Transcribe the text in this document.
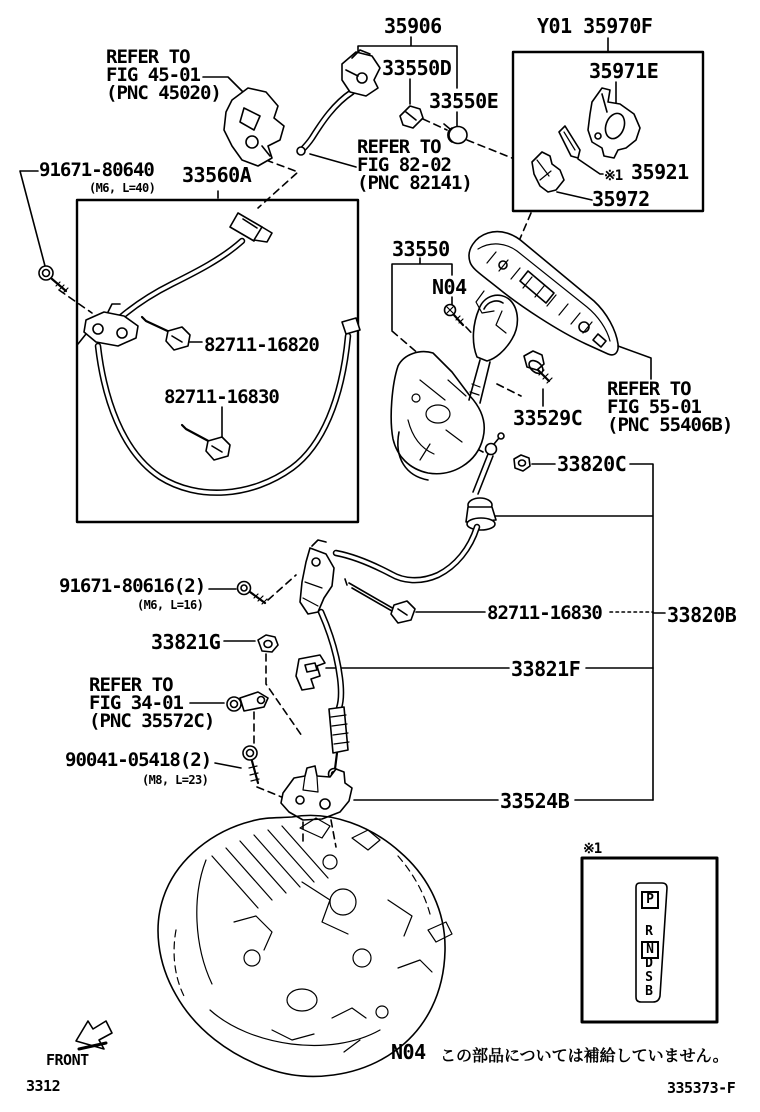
REFER TO
FIG 45-01
(PNC 45020)
35906	Y01 35970F
33550D	35971E
33550E
REFER TO
FIG 82-02
(PNC 82141)	※1 35921
35972
91671-80640
(M6, L=40)
33560A
33550
N04
82711-16820
REFER TO
FIG 55-01
(PNC 55406B)
82711-16830
33529C
33820C
91671-80616(2)
(M6, L=16)	82711-16830	33820B
33821G
33821F
REFER TO
FIG 34-01
(PNC 35572C)
90041-05418(2)
(M8, L=23)
33524B
※1
P
R
N
D
S
B
FRONT
3312
N04 この部品については補給していません。
335373-F
